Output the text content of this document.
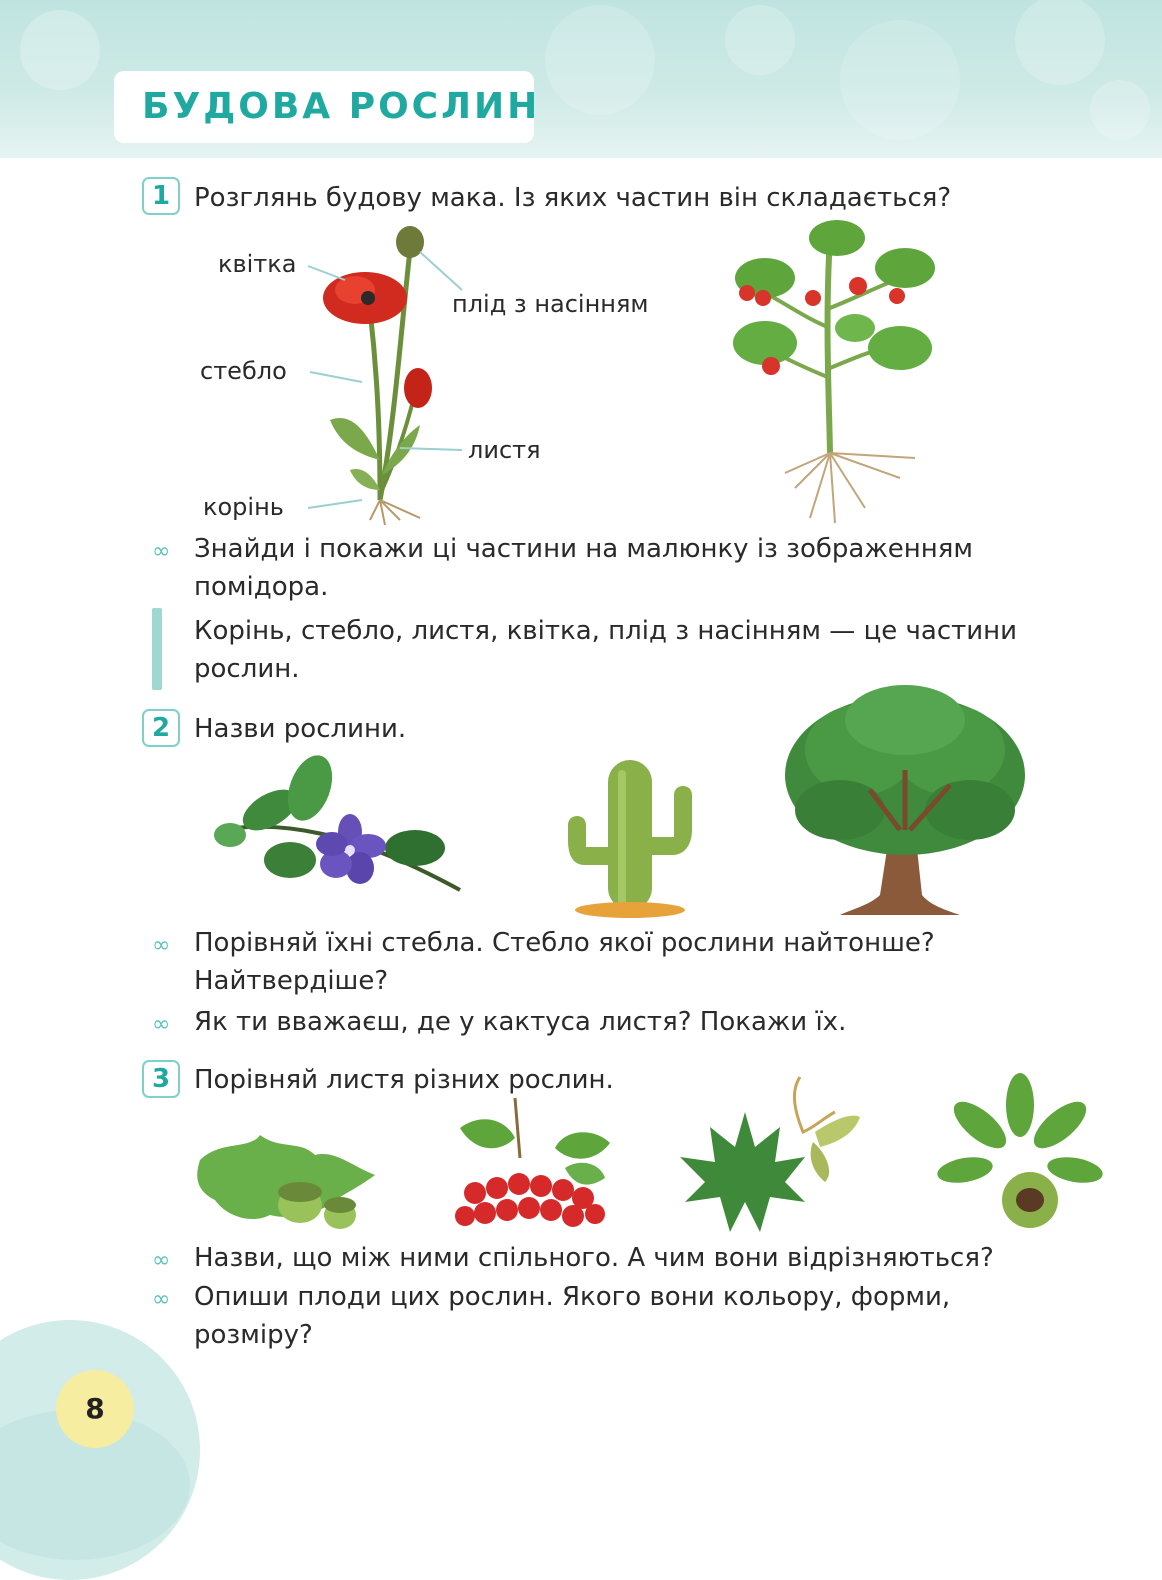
БУДОВА РОСЛИН
1 Розглянь будову мака. Із яких частин він складається?
квітка
плід з насінням
стебло
листя
корінь
∞ Знайди і покажи ці частини на малюнку із зображенням
помідора.
Корінь, стебло, листя, квітка, плід з насінням — це частини
рослин.
2 Назви рослини.
∞ Порівняй їхні стебла. Стебло якої рослини найтонше?
Найтвердіше?
∞ Як ти вважаєш, де у кактуса листя? Покажи їх.
3 Порівняй листя різних рослин.
∞ Назви, що між ними спільного. А чим вони відрізняються?
∞ Опиши плоди цих рослин. Якого вони кольору, форми,
розміру?
8
